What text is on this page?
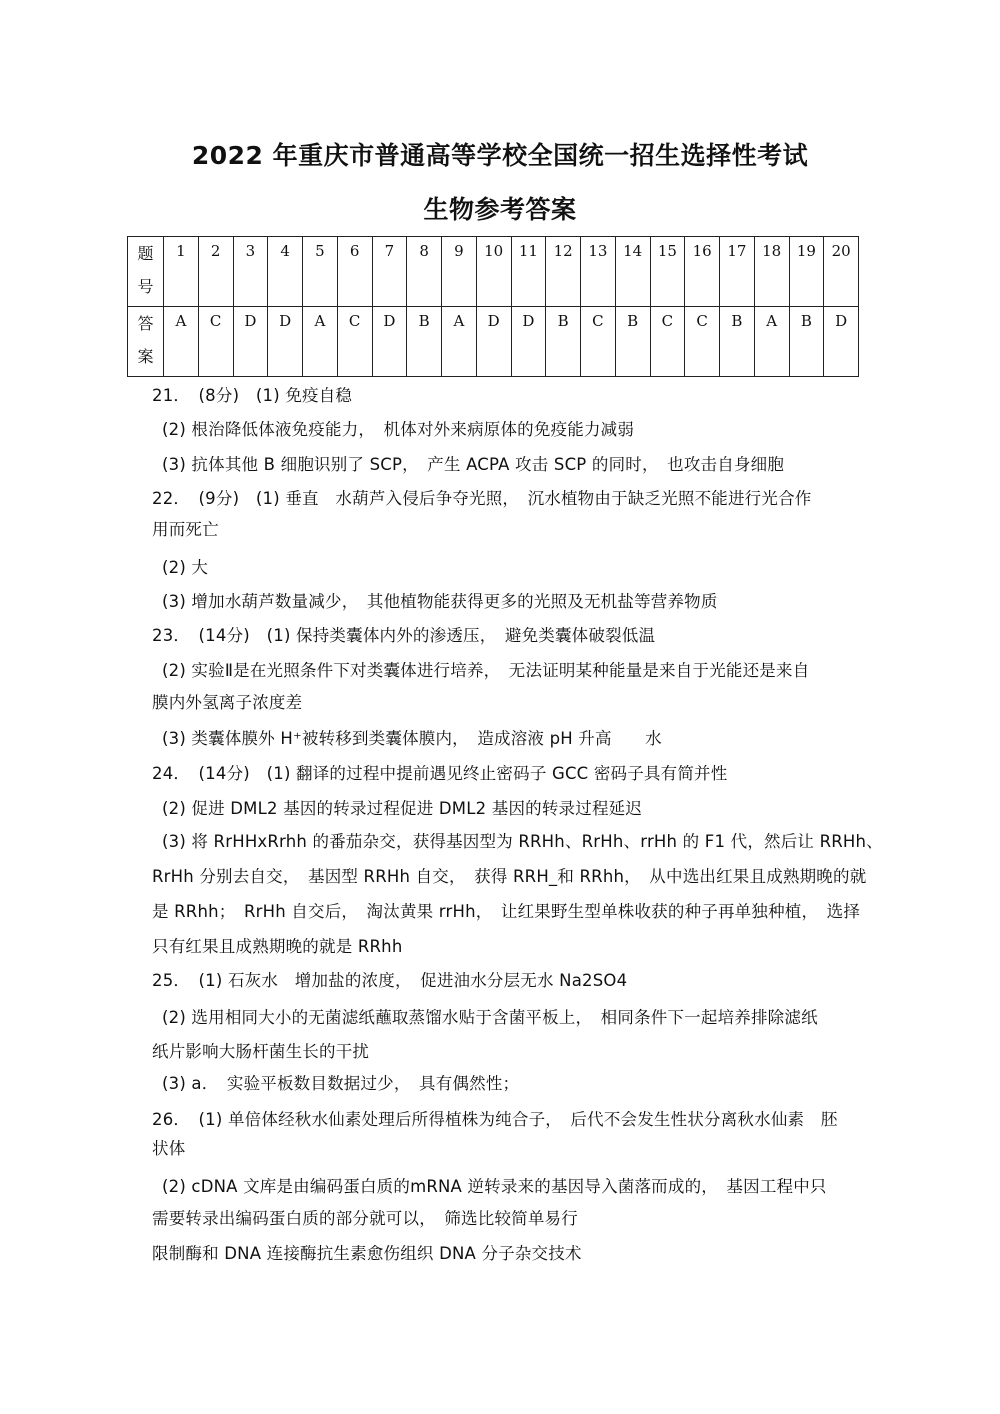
2022 年重庆市普通高等学校全国统一招生选择性考试
生物参考答案
题
号	1	2	3	4	5	6	7	8	9	10	11	12	13	14	15	16	17	18	19	20

答
案	A	C	D	D	A	C	D	B	A	D	D	B	C	B	C	C	B	A	B	D
21．　(8分)　(1) 免疫自稳
(2) 根治降低体液免疫能力，　机体对外来病原体的免疫能力减弱
(3) 抗体其他 B 细胞识别了 SCP，　产生 ACPA 攻击 SCP 的同时，　也攻击自身细胞
22．　(9分)　(1) 垂直　水葫芦入侵后争夺光照，　沉水植物由于缺乏光照不能进行光合作
用而死亡
(2) 大
(3) 增加水葫芦数量减少，　其他植物能获得更多的光照及无机盐等营养物质
23．　(14分)　(1) 保持类囊体内外的渗透压，　避免类囊体破裂低温
(2) 实验Ⅱ是在光照条件下对类囊体进行培养，　无法证明某种能量是来自于光能还是来自
膜内外氢离子浓度差
(3) 类囊体膜外 H⁺被转移到类囊体膜内，　造成溶液 pH 升高　　水
24．　(14分)　(1) 翻译的过程中提前遇见终止密码子 GCC 密码子具有简并性
(2) 促进 DML2 基因的转录过程促进 DML2 基因的转录过程延迟
(3) 将 RrHHxRrhh 的番茄杂交，获得基因型为 RRHh、RrHh、rrHh 的 F1 代，然后让 RRHh、
RrHh 分别去自交，　基因型 RRHh 自交，　获得 RRH_和 RRhh，　从中选出红果且成熟期晚的就
是 RRhh；　RrHh 自交后，　淘汰黄果 rrHh，　让红果野生型单株收获的种子再单独种植，　选择
只有红果且成熟期晚的就是 RRhh
25．　(1) 石灰水　增加盐的浓度，　促进油水分层无水 Na2SO4
(2) 选用相同大小的无菌滤纸蘸取蒸馏水贴于含菌平板上，　相同条件下一起培养排除滤纸
纸片影响大肠杆菌生长的干扰
(3) a．　实验平板数目数据过少，　具有偶然性；
26．　(1) 单倍体经秋水仙素处理后所得植株为纯合子，　后代不会发生性状分离秋水仙素　胚
状体
(2) cDNA 文库是由编码蛋白质的mRNA 逆转录来的基因导入菌落而成的，　基因工程中只
需要转录出编码蛋白质的部分就可以，　筛选比较简单易行
限制酶和 DNA 连接酶抗生素愈伤组织 DNA 分子杂交技术
